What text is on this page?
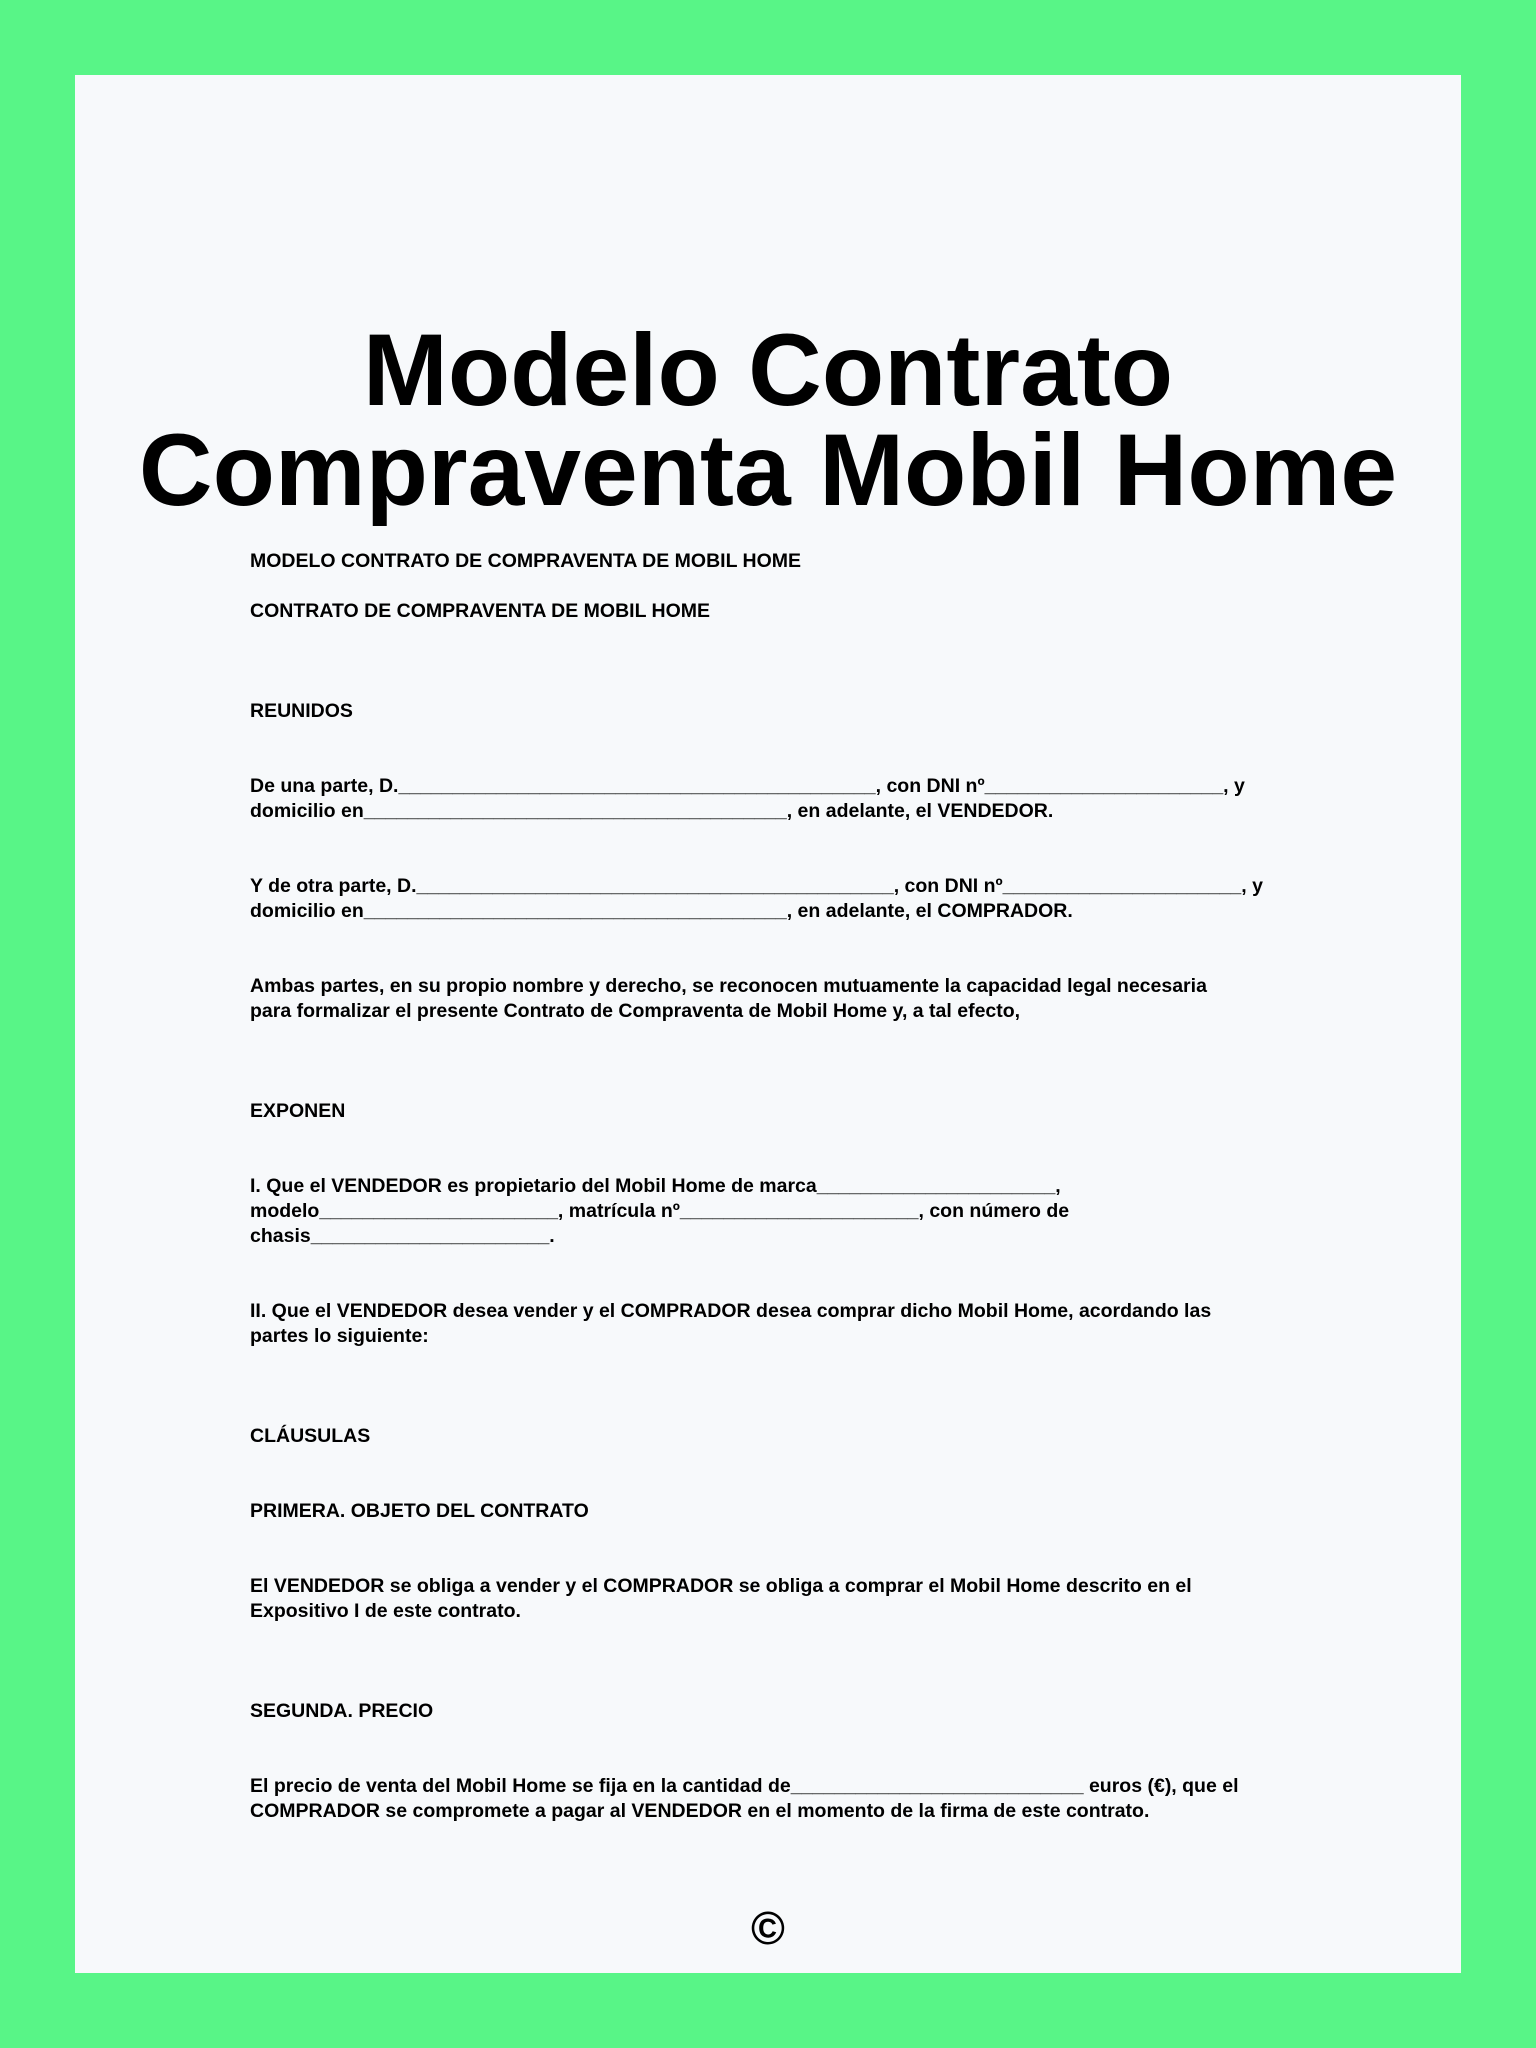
Modelo Contrato
Compraventa Mobil Home
MODELO CONTRATO DE COMPRAVENTA DE MOBIL HOME
CONTRATO DE COMPRAVENTA DE MOBIL HOME
REUNIDOS
De una parte, D.____________________________________________, con DNI nº______________________, y
domicilio en_______________________________________, en adelante, el VENDEDOR.
Y de otra parte, D.____________________________________________, con DNI nº______________________, y
domicilio en_______________________________________, en adelante, el COMPRADOR.
Ambas partes, en su propio nombre y derecho, se reconocen mutuamente la capacidad legal necesaria
para formalizar el presente Contrato de Compraventa de Mobil Home y, a tal efecto,
EXPONEN
I. Que el VENDEDOR es propietario del Mobil Home de marca______________________,
modelo______________________, matrícula nº______________________, con número de
chasis______________________.
II. Que el VENDEDOR desea vender y el COMPRADOR desea comprar dicho Mobil Home, acordando las
partes lo siguiente:
CLÁUSULAS
PRIMERA. OBJETO DEL CONTRATO
El VENDEDOR se obliga a vender y el COMPRADOR se obliga a comprar el Mobil Home descrito en el
Expositivo I de este contrato.
SEGUNDA. PRECIO
El precio de venta del Mobil Home se fija en la cantidad de___________________________ euros (€), que el
COMPRADOR se compromete a pagar al VENDEDOR en el momento de la firma de este contrato.
©
